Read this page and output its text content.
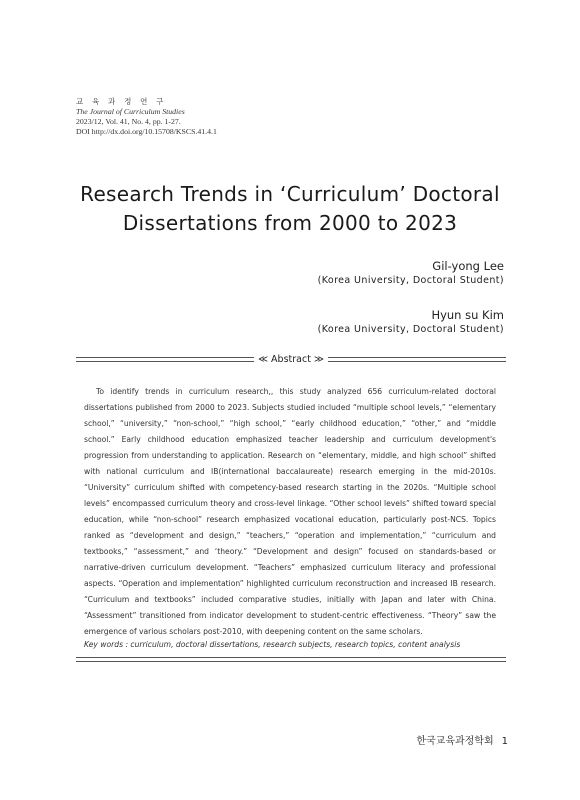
교 육 과 정 연 구
The Journal of Curriculum Studies
2023/12, Vol. 41, No. 4, pp. 1-27.
DOI http://dx.doi.org/10.15708/KSCS.41.4.1
Research Trends in ‘Curriculum’ Doctoral
Dissertations from 2000 to 2023
Gil-yong Lee
(Korea University, Doctoral Student)
Hyun su Kim
(Korea University, Doctoral Student)
≪ Abstract ≫

To identify trends in curriculum research,, this study analyzed 656 curriculum-related doctoral dissertations published from 2000 to 2023. Subjects studied included “multiple school levels,” “elementary school,” “university,” “non-school,” “high school,” “early childhood education,” “other,” and “middle school.” Early childhood education emphasized teacher leadership and curriculum development's progression from understanding to application. Research on “elementary, middle, and high school” shifted with national curriculum and IB(international baccalaureate) research emerging in the mid-2010s. “University” curriculum shifted with competency-based research starting in the 2020s. “Multiple school levels” encompassed curriculum theory and cross-level linkage. “Other school levels” shifted toward special education, while “non-school” research emphasized vocational education, particularly post-NCS. Topics ranked as “development and design,” “teachers,” “operation and implementation,” “curriculum and textbooks,” “assessment,” and ‘theory.” “Development and design” focused on standards-based or narrative-driven curriculum development. “Teachers” emphasized curriculum literacy and professional aspects. “Operation and implementation” highlighted curriculum reconstruction and increased IB research. “Curriculum and textbooks” included comparative studies, initially with Japan and later with China. “Assessment” transitioned from indicator development to student-centric effectiveness. “Theory” saw the emergence of various scholars post-2010, with deepening content on the same scholars.

Key words : curriculum, doctoral dissertations, research subjects, research topics, content analysis
한국교육과정학회 1
